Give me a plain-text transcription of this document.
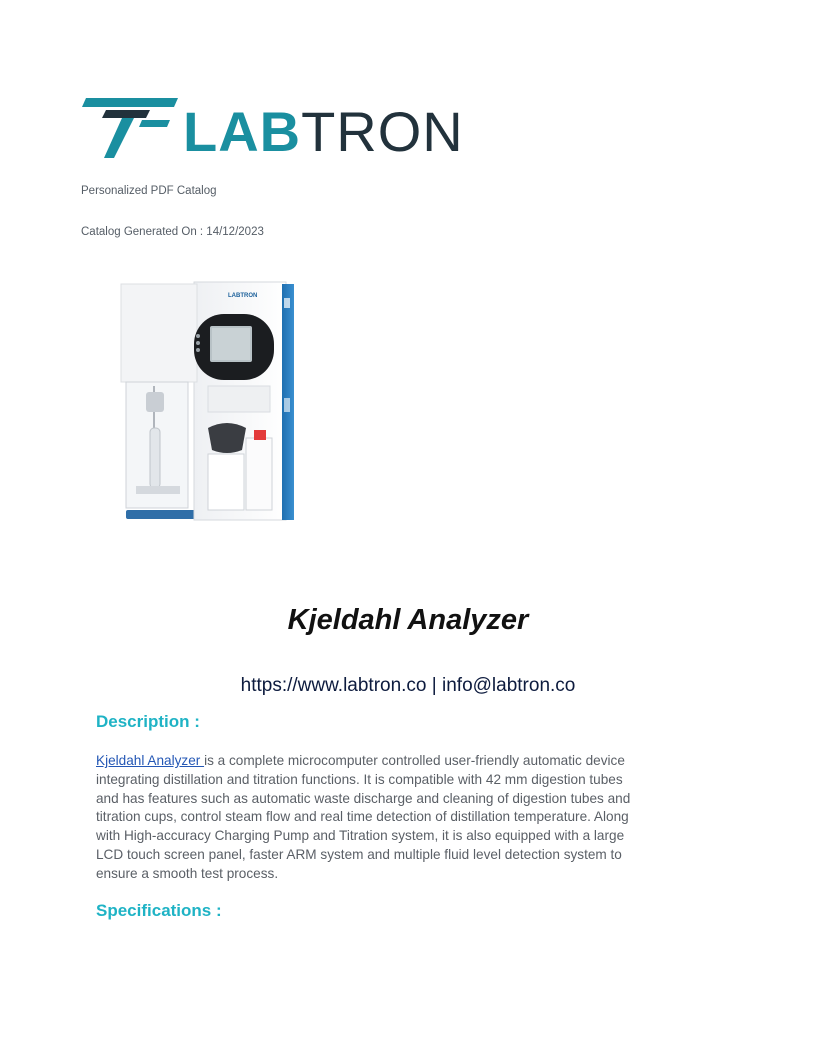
LABTRON
Personalized PDF Catalog
Catalog Generated On : 14/12/2023
LABTRON
Kjeldahl Analyzer
https://www.labtron.co | info@labtron.co
Description :
Kjeldahl Analyzer is a complete microcomputer controlled user-friendly automatic device integrating distillation and titration functions. It is compatible with 42 mm digestion tubes and has features such as automatic waste discharge and cleaning of digestion tubes and titration cups, control steam flow and real time detection of distillation temperature. Along with High-accuracy Charging Pump and Titration system, it is also equipped with a large LCD touch screen panel, faster ARM system and multiple fluid level detection system to ensure a smooth test process.
Specifications :
